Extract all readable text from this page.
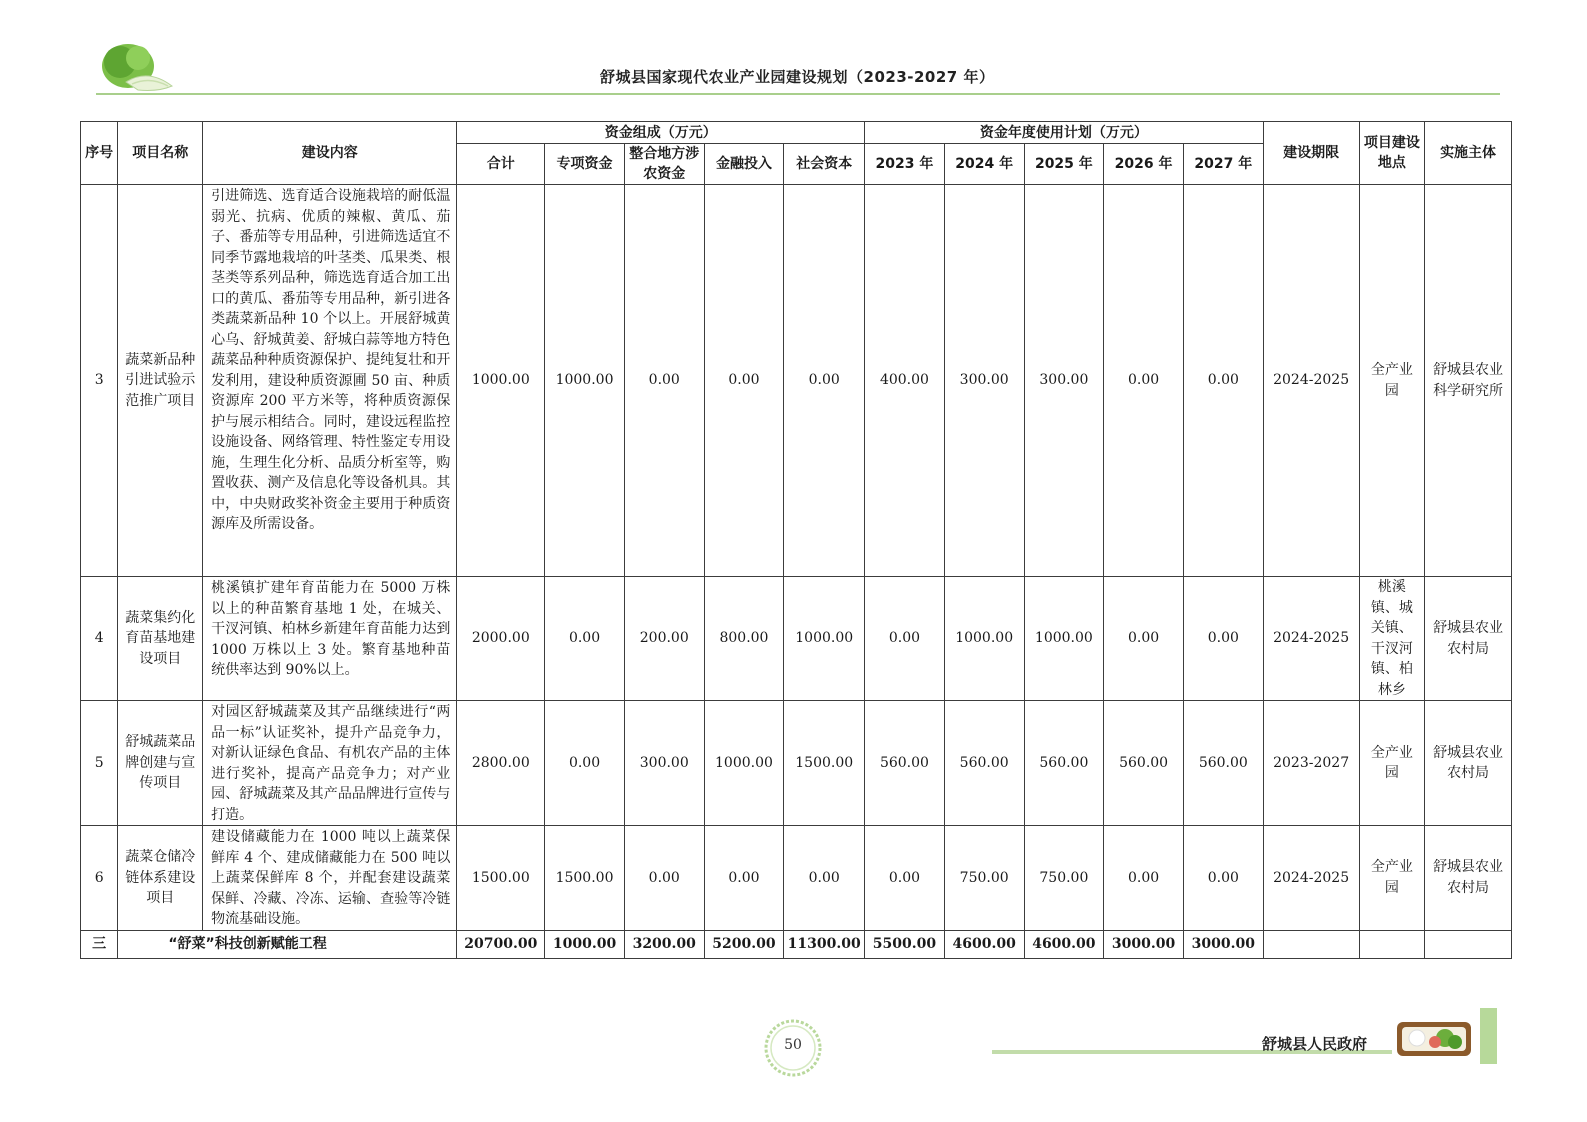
舒城县国家现代农业产业园建设规划（2023-2027 年）
序号	项目名称	建设内容	资金组成（万元）					资金年度使用计划（万元）					建设期限	项目建设地点	实施主体
			合计	专项资金	整合地方涉农资金	金融投入	社会资本	2023 年	2024 年	2025 年	2026 年	2027 年			
3	蔬菜新品种引进试验示范推广项目	引进筛选、选育适合设施栽培的耐低温弱光、抗病、优质的辣椒、黄瓜、茄子、番茄等专用品种，引进筛选适宜不同季节露地栽培的叶茎类、瓜果类、根茎类等系列品种，筛选选育适合加工出口的黄瓜、番茄等专用品种，新引进各类蔬菜新品种 10 个以上。开展舒城黄心乌、舒城黄姜、舒城白蒜等地方特色蔬菜品种种质资源保护、提纯复壮和开发利用，建设种质资源圃 50 亩、种质资源库 200 平方米等，将种质资源保护与展示相结合。同时，建设远程监控设施设备、网络管理、特性鉴定专用设施，生理生化分析、品质分析室等，购置收获、测产及信息化等设备机具。其中，中央财政奖补资金主要用于种质资源库及所需设备。	1000.00	1000.00	0.00	0.00	0.00	400.00	300.00	300.00	0.00	0.00	2024-2025	全产业园	舒城县农业科学研究所
4	蔬菜集约化育苗基地建设项目	桃溪镇扩建年育苗能力在 5000 万株以上的种苗繁育基地 1 处，在城关、干汊河镇、柏林乡新建年育苗能力达到 1000 万株以上 3 处。繁育基地种苗统供率达到 90%以上。	2000.00	0.00	200.00	800.00	1000.00	0.00	1000.00	1000.00	0.00	0.00	2024-2025	桃溪镇、城关镇、干汊河镇、柏林乡	舒城县农业农村局
5	舒城蔬菜品牌创建与宣传项目	对园区舒城蔬菜及其产品继续进行“两品一标”认证奖补，提升产品竞争力，对新认证绿色食品、有机农产品的主体进行奖补，提高产品竞争力；对产业园、舒城蔬菜及其产品品牌进行宣传与打造。	2800.00	0.00	300.00	1000.00	1500.00	560.00	560.00	560.00	560.00	560.00	2023-2027	全产业园	舒城县农业农村局
6	蔬菜仓储冷链体系建设项目	建设储藏能力在 1000 吨以上蔬菜保鲜库 4 个、建成储藏能力在 500 吨以上蔬菜保鲜库 8 个，并配套建设蔬菜保鲜、冷藏、冷冻、运输、查验等冷链物流基础设施。	1500.00	1500.00	0.00	0.00	0.00	0.00	750.00	750.00	0.00	0.00	2024-2025	全产业园	舒城县农业农村局
三	“舒菜”科技创新赋能工程		20700.00	1000.00	3200.00	5200.00	11300.00	5500.00	4600.00	4600.00	3000.00	3000.00			
50	舒城县人民政府
